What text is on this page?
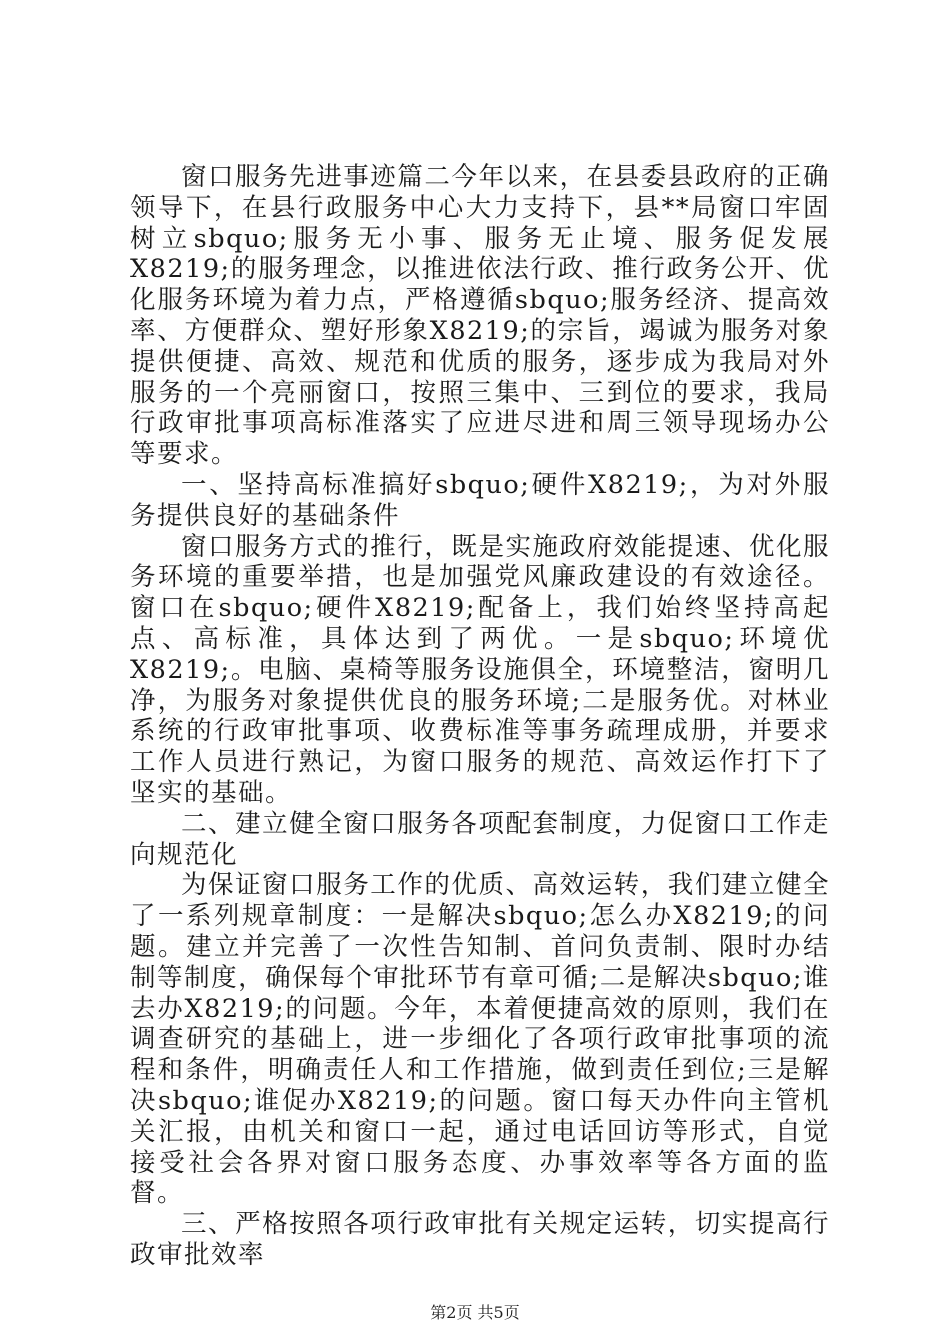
窗口服务先进事迹篇二今年以来，在县委县政府的正确领导下，在县行政服务中心大力支持下，县**局窗口牢固树立sbquo;服务无小事、服务无止境、服务促发展X8219;的服务理念，以推进依法行政、推行政务公开、优化服务环境为着力点，严格遵循sbquo;服务经济、提高效率、方便群众、塑好形象X8219;的宗旨，竭诚为服务对象提供便捷、高效、规范和优质的服务，逐步成为我局对外服务的一个亮丽窗口，按照三集中、三到位的要求，我局行政审批事项高标准落实了应进尽进和周三领导现场办公等要求。

一、坚持高标准搞好sbquo;硬件X8219;，为对外服务提供良好的基础条件

窗口服务方式的推行，既是实施政府效能提速、优化服务环境的重要举措，也是加强党风廉政建设的有效途径。窗口在sbquo;硬件X8219;配备上，我们始终坚持高起点、高标准，具体达到了两优。一是sbquo;环境优X8219;。电脑、桌椅等服务设施俱全，环境整洁，窗明几净，为服务对象提供优良的服务环境;二是服务优。对林业系统的行政审批事项、收费标准等事务疏理成册，并要求工作人员进行熟记，为窗口服务的规范、高效运作打下了坚实的基础。

二、建立健全窗口服务各项配套制度，力促窗口工作走向规范化

为保证窗口服务工作的优质、高效运转，我们建立健全了一系列规章制度：一是解决sbquo;怎么办X8219;的问题。建立并完善了一次性告知制、首问负责制、限时办结制等制度，确保每个审批环节有章可循;二是解决sbquo;谁去办X8219;的问题。今年，本着便捷高效的原则，我们在调查研究的基础上，进一步细化了各项行政审批事项的流程和条件，明确责任人和工作措施，做到责任到位;三是解决sbquo;谁促办X8219;的问题。窗口每天办件向主管机关汇报，由机关和窗口一起，通过电话回访等形式，自觉接受社会各界对窗口服务态度、办事效率等各方面的监督。

三、严格按照各项行政审批有关规定运转，切实提高行政审批效率

第2页 共5页
